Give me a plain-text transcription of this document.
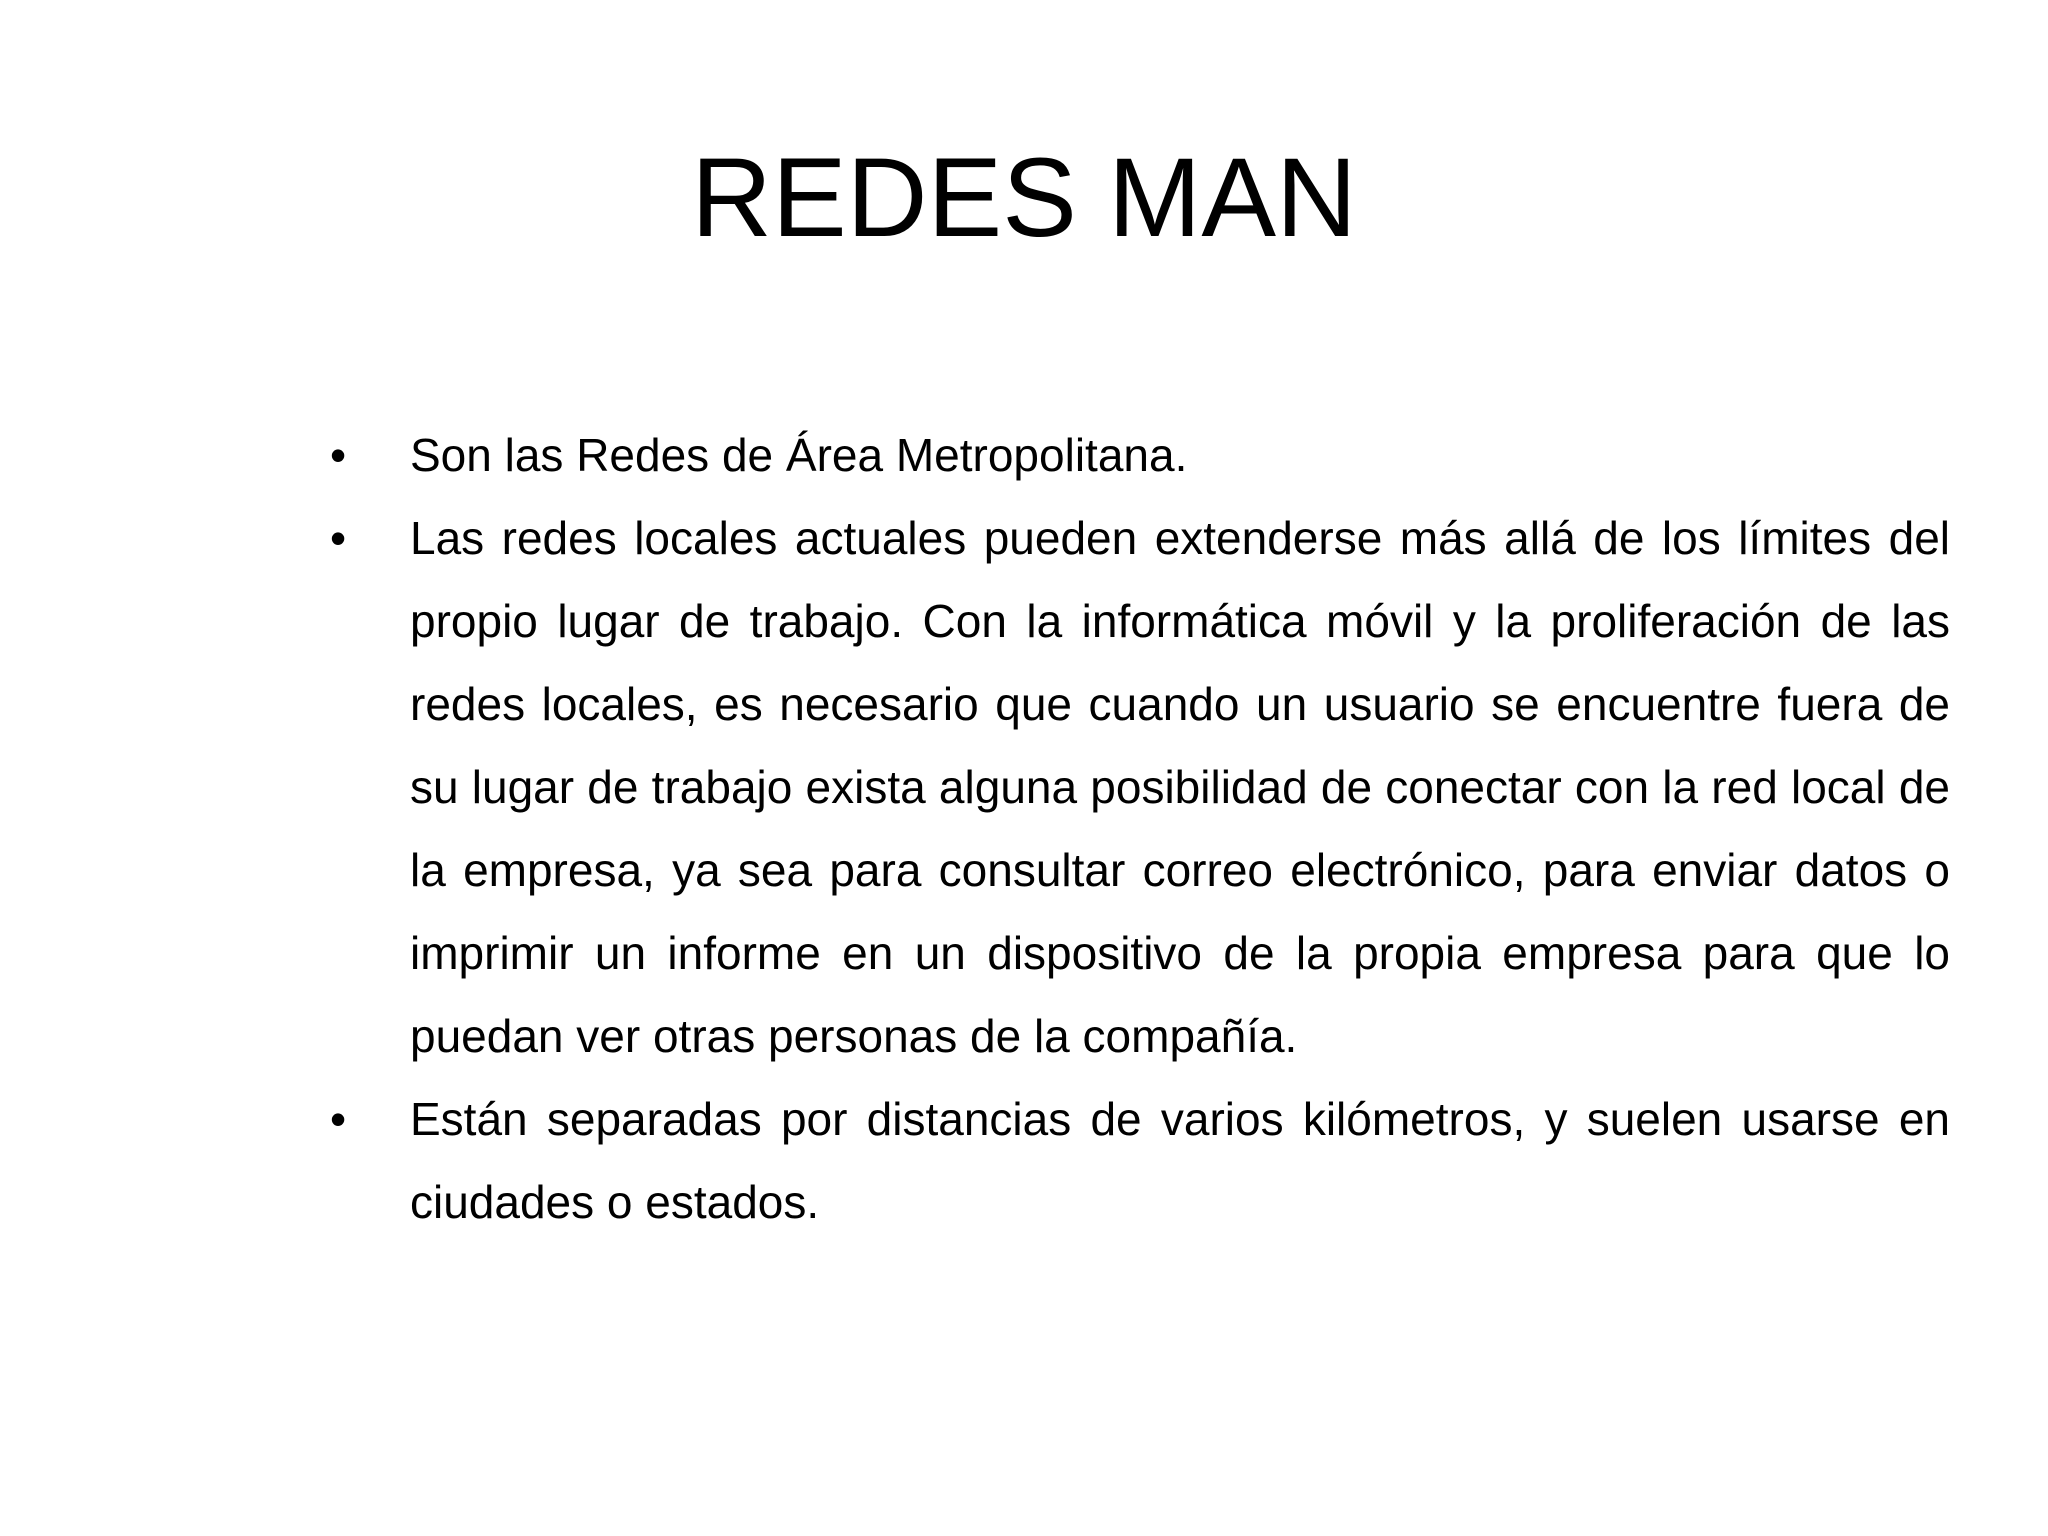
REDES MAN
•	Son las Redes de Área Metropolitana.
•	Las redes locales actuales pueden extenderse más allá de los límites del propio lugar de trabajo. Con la informática móvil y la proliferación de las redes locales, es necesario que cuando un usuario se encuentre fuera de su lugar de trabajo exista alguna posibilidad de conectar con la red local de la empresa, ya sea para consultar correo electrónico, para enviar datos o imprimir un informe en un dispositivo de la propia empresa para que lo puedan ver otras personas de la compañía.
•	Están separadas por distancias de varios kilómetros, y suelen usarse en ciudades o estados.
